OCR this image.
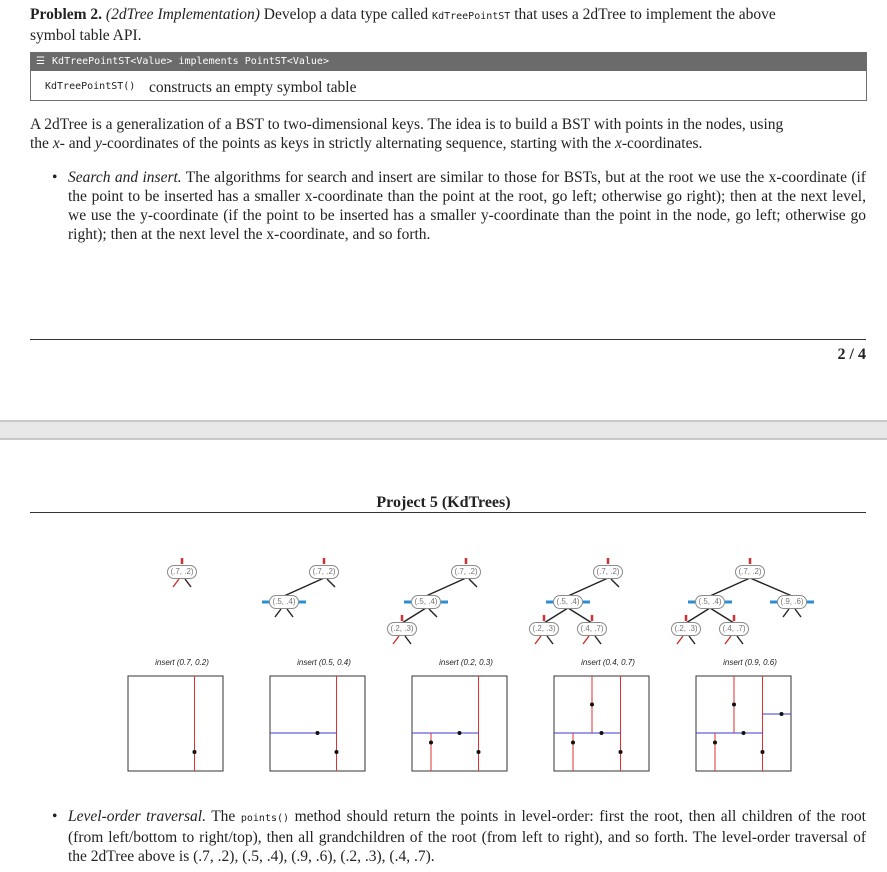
Problem 2. (2dTree Implementation) Develop a data type called KdTreePointST that uses a 2dTree to implement the above
symbol table API.
☰ KdTreePointST<Value> implements PointST<Value>
KdTreePointST() constructs an empty symbol table
A 2dTree is a generalization of a BST to two-dimensional keys. The idea is to build a BST with points in the nodes, using
the x- and y-coordinates of the points as keys in strictly alternating sequence, starting with the x-coordinates.
• Search and insert. The algorithms for search and insert are similar to those for BSTs, but at the root we use the x-coordinate (if the point to be inserted has a smaller x-coordinate than the point at the root, go left; otherwise go right); then at the next level, we use the y-coordinate (if the point to be inserted has a smaller y-coordinate than the point in the node, go left; otherwise go right); then at the next level the x-coordinate, and so forth.
2 / 4
Project 5 (KdTrees)
(.7, .2)	(.7, .2)
(.5, .4)
(.7, .2)
(.5, .4)
(.2, .3)
(.7, .2)
(.5, .4)
(.2, .3)	(.4, .7)
(.7, .2)
(.5, .4)	(.9, .6)
(.2, .3)	(.4, .7)
insert (0.7, 0.2)	insert (0.5, 0.4)	insert (0.2, 0.3)	insert (0.4, 0.7)	insert (0.9, 0.6)
• Level-order traversal. The points() method should return the points in level-order: first the root, then all children of the root (from left/bottom to right/top), then all grandchildren of the root (from left to right), and so forth. The level-order traversal of the 2dTree above is (.7, .2), (.5, .4), (.9, .6), (.2, .3), (.4, .7).
